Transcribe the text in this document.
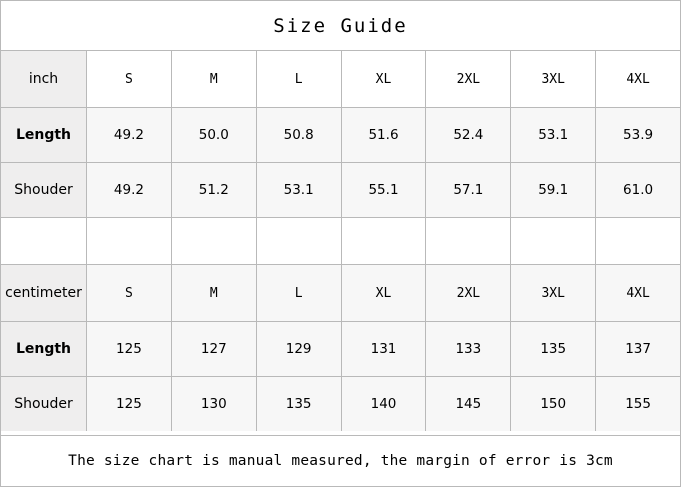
Size Guide
inch	S	M	L	XL	2XL	3XL	4XL
Length	49.2	50.0	50.8	51.6	52.4	53.1	53.9
Shouder	49.2	51.2	53.1	55.1	57.1	59.1	61.0
centimeter	S	M	L	XL	2XL	3XL	4XL
Length	125	127	129	131	133	135	137
Shouder	125	130	135	140	145	150	155
The size chart is manual measured, the margin of error is 3cm
